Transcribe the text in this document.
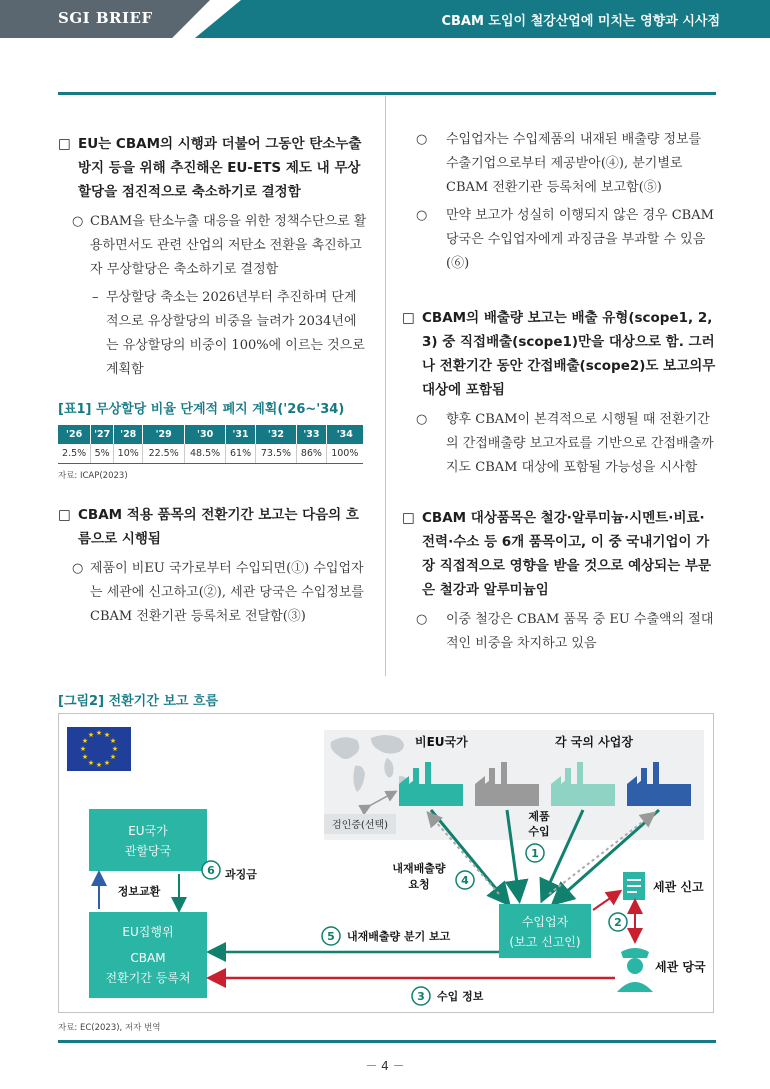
SGI BRIEF	CBAM 도입이 철강산업에 미치는 영향과 시사점
□ EU는 CBAM의 시행과 더불어 그동안 탄소누출 방지 등을 위해 추진해온 EU-ETS 제도 내 무상할당을 점진적으로 축소하기로 결정함
○ CBAM을 탄소누출 대응을 위한 정책수단으로 활용하면서도 관련 산업의 저탄소 전환을 촉진하고자 무상할당은 축소하기로 결정함
– 무상할당 축소는 2026년부터 추진하며 단계적으로 유상할당의 비중을 늘려가 2034년에는 유상할당의 비중이 100%에 이르는 것으로 계획함
[표1] 무상할당 비율 단계적 폐지 계획('26~'34)
'26	'27	'28	'29	'30	'31	'32	'33	'34
2.5%	5%	10%	22.5%	48.5%	61%	73.5%	86%	100%
자료: ICAP(2023)
□ CBAM 적용 품목의 전환기간 보고는 다음의 흐름으로 시행됨
○ 제품이 비EU 국가로부터 수입되면(①) 수입업자는 세관에 신고하고(②), 세관 당국은 수입정보를 CBAM 전환기관 등록처로 전달함(③)
○ 수입업자는 수입제품의 내재된 배출량 정보를 수출기업으로부터 제공받아(④), 분기별로 CBAM 전환기관 등록처에 보고함(⑤)
○ 만약 보고가 성실히 이행되지 않은 경우 CBAM 당국은 수입업자에게 과징금을 부과할 수 있음(⑥)
□ CBAM의 배출량 보고는 배출 유형(scope1, 2, 3) 중 직접배출(scope1)만을 대상으로 함. 그러나 전환기간 동안 간접배출(scope2)도 보고의무 대상에 포함됨
○ 향후 CBAM이 본격적으로 시행될 때 전환기간의 간접배출량 보고자료를 기반으로 간접배출까지도 CBAM 대상에 포함될 가능성을 시사함
□ CBAM 대상품목은 철강·알루미늄·시멘트·비료·전력·수소 등 6개 품목이고, 이 중 국내기업이 가장 직접적으로 영향을 받을 것으로 예상되는 부문은 철강과 알루미늄임
○ 이중 철강은 CBAM 품목 중 EU 수출액의 절대적인 비중을 차지하고 있음
[그림2] 전환기간 보고 흐름
★ ★
★
★
★
★
★
★
★
★
★
★	비EU국가	각 국의 사업장
검인증(선택)
EU국가
관할당국
정보교환
EU집행위
CBAM
전환기간 등록처
6 과징금	내재배출량
요청	4
제품
수입
1
수입업자
(보고 신고인)
세관 신고
2
세관 당국
5 내재배출량 분기 보고
3 수입 정보
자료: EC(2023), 저자 번역
－ 4 －
